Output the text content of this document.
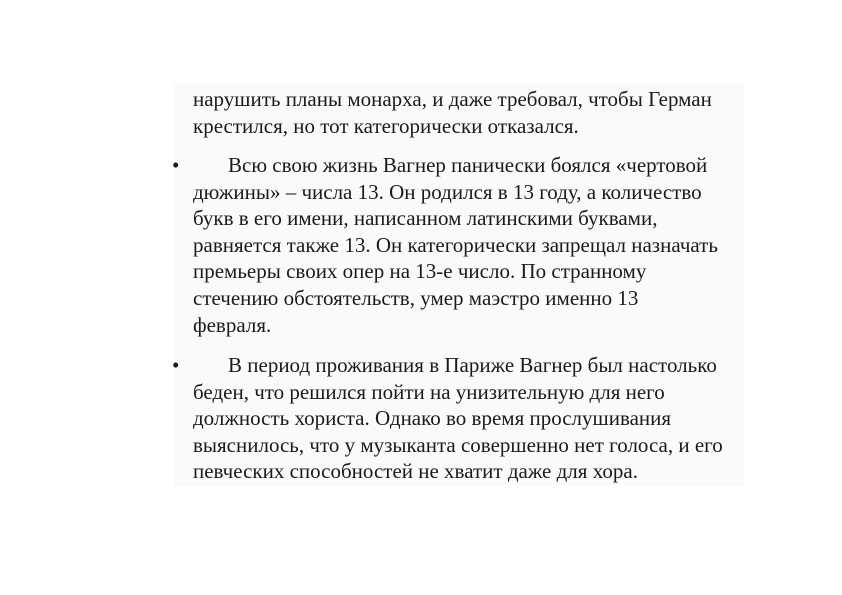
нарушить планы монарха, и даже требовал, чтобы Герман
крестился, но тот категорически отказался.

•	Всю свою жизнь Вагнер панически боялся «чертовой
дюжины» – числа 13. Он родился в 13 году, а количество
букв в его имени, написанном латинскими буквами,
равняется также 13. Он категорически запрещал назначать
премьеры своих опер на 13-е число. По странному
стечению обстоятельств, умер маэстро именно 13
февраля.

•	В период проживания в Париже Вагнер был настолько
беден, что решился пойти на унизительную для него
должность хориста. Однако во время прослушивания
выяснилось, что у музыканта совершенно нет голоса, и его
певческих способностей не хватит даже для хора.
